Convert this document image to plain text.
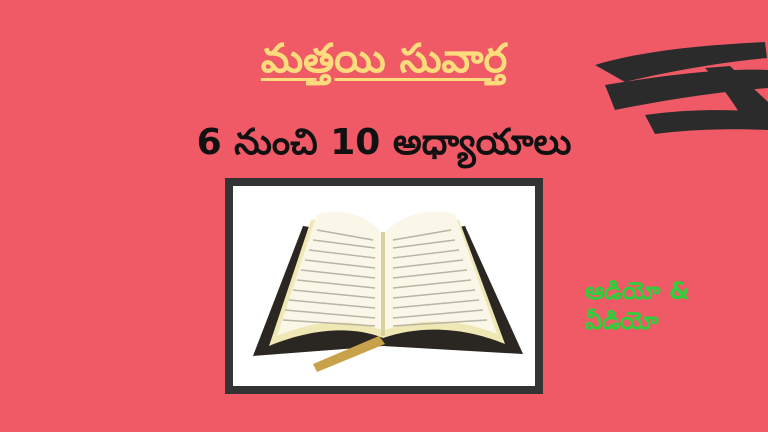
మత్తయి సువార్త
6 నుంచి 10 అధ్యాయాలు
ఆడియో &
వీడియో
